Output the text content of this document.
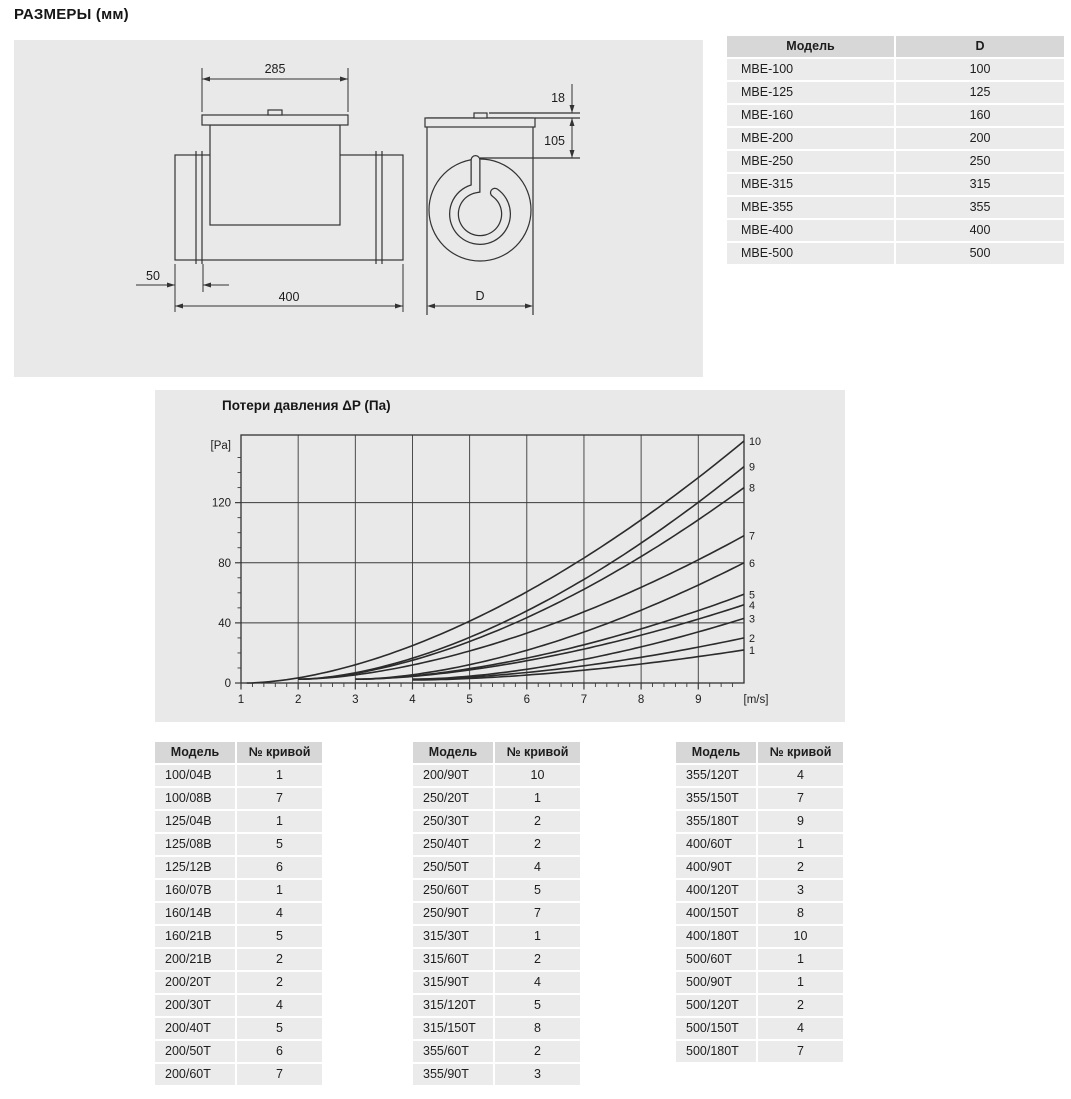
РАЗМЕРЫ (мм)
285
400
50
D
18
105
Модель	D
МВЕ-100	100
МВЕ-125	125
МВЕ-160	160
МВЕ-200	200
МВЕ-250	250
МВЕ-315	315
МВЕ-355	355
МВЕ-400	400
МВЕ-500	500
Потери давления ΔP (Па)
1	2	3	4	5	6	7	8	9
0
40
80
120
[Pa]
[m/s]
1
2
3
4
5
6
7
8
9
10
Модель	№ кривой
100/04В	1
100/08В	7
125/04В	1
125/08В	5
125/12В	6
160/07В	1
160/14В	4
160/21В	5
200/21В	2
200/20Т	2
200/30Т	4
200/40Т	5
200/50Т	6
200/60Т	7
Модель	№ кривой
200/90Т	10
250/20Т	1
250/30Т	2
250/40Т	2
250/50Т	4
250/60Т	5
250/90Т	7
315/30Т	1
315/60Т	2
315/90Т	4
315/120Т	5
315/150Т	8
355/60Т	2
355/90Т	3
Модель	№ кривой
355/120Т	4
355/150Т	7
355/180Т	9
400/60Т	1
400/90Т	2
400/120Т	3
400/150Т	8
400/180Т	10
500/60Т	1
500/90Т	1
500/120Т	2
500/150Т	4
500/180Т	7
